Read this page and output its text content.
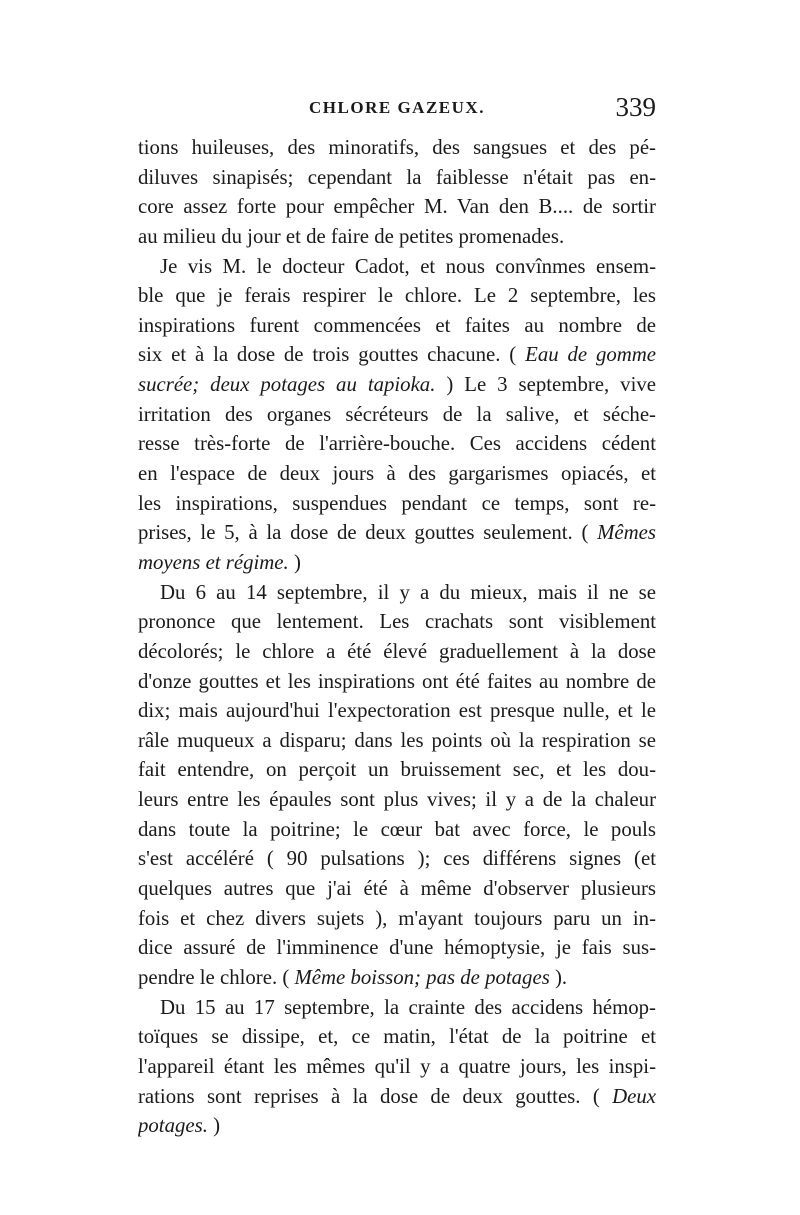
CHLORE GAZEUX.	339
tions huileuses, des minoratifs, des sangsues et des pé-
diluves sinapisés; cependant la faiblesse n'était pas en-
core assez forte pour empêcher M. Van den B.... de sortir
au milieu du jour et de faire de petites promenades.
Je vis M. le docteur Cadot, et nous convînmes ensem-
ble que je ferais respirer le chlore. Le 2 septembre, les
inspirations furent commencées et faites au nombre de
six et à la dose de trois gouttes chacune. ( Eau de gomme
sucrée; deux potages au tapioka. ) Le 3 septembre, vive
irritation des organes sécréteurs de la salive, et séche-
resse très-forte de l'arrière-bouche. Ces accidens cédent
en l'espace de deux jours à des gargarismes opiacés, et
les inspirations, suspendues pendant ce temps, sont re-
prises, le 5, à la dose de deux gouttes seulement. ( Mêmes
moyens et régime. )
Du 6 au 14 septembre, il y a du mieux, mais il ne se
prononce que lentement. Les crachats sont visiblement
décolorés; le chlore a été élevé graduellement à la dose
d'onze gouttes et les inspirations ont été faites au nombre de
dix; mais aujourd'hui l'expectoration est presque nulle, et le
râle muqueux a disparu; dans les points où la respiration se
fait entendre, on perçoit un bruissement sec, et les dou-
leurs entre les épaules sont plus vives; il y a de la chaleur
dans toute la poitrine; le cœur bat avec force, le pouls
s'est accéléré ( 90 pulsations ); ces différens signes (et
quelques autres que j'ai été à même d'observer plusieurs
fois et chez divers sujets ), m'ayant toujours paru un in-
dice assuré de l'imminence d'une hémoptysie, je fais sus-
pendre le chlore. ( Même boisson; pas de potages ).
Du 15 au 17 septembre, la crainte des accidens hémop-
toïques se dissipe, et, ce matin, l'état de la poitrine et
l'appareil étant les mêmes qu'il y a quatre jours, les inspi-
rations sont reprises à la dose de deux gouttes. ( Deux
potages. )
